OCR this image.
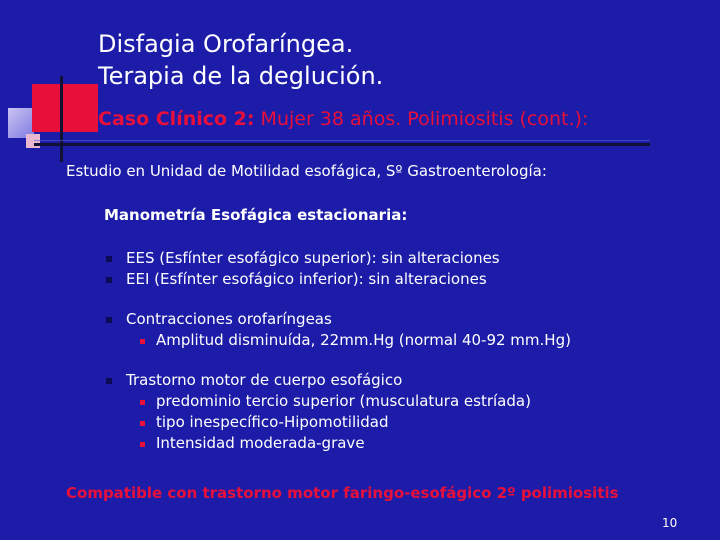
Disfagia Orofaríngea.
Terapia de la deglución.
Caso Clínico 2: Mujer 38 años. Polimiositis (cont.):
Estudio en Unidad de Motilidad esofágica, Sº Gastroenterología:
Manometría Esofágica estacionaria:
EES (Esfínter esofágico superior): sin alteraciones
EEI (Esfínter esofágico inferior): sin alteraciones
Contracciones orofaríngeas
Amplitud disminuída, 22mm.Hg (normal 40-92 mm.Hg)
Trastorno motor de cuerpo esofágico
predominio tercio superior (musculatura estríada)
tipo inespecífico-Hipomotilidad
Intensidad moderada-grave
Compatible con trastorno motor faringo-esofágico 2º polimiositis
10
